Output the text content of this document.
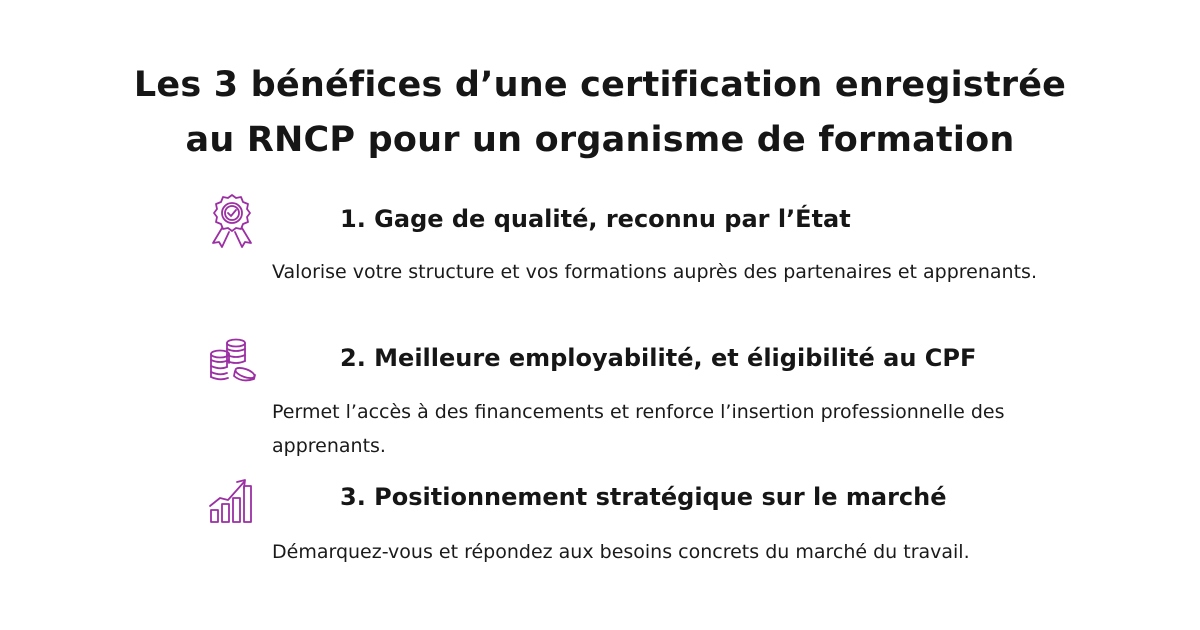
Les 3 bénéfices d’une certification enregistrée
au RNCP pour un organisme de formation
1. Gage de qualité, reconnu par l’État
Valorise votre structure et vos formations auprès des partenaires et apprenants.
2. Meilleure employabilité, et éligibilité au CPF
Permet l’accès à des financements et renforce l’insertion professionnelle des apprenants.
3. Positionnement stratégique sur le marché
Démarquez-vous et répondez aux besoins concrets du marché du travail.
